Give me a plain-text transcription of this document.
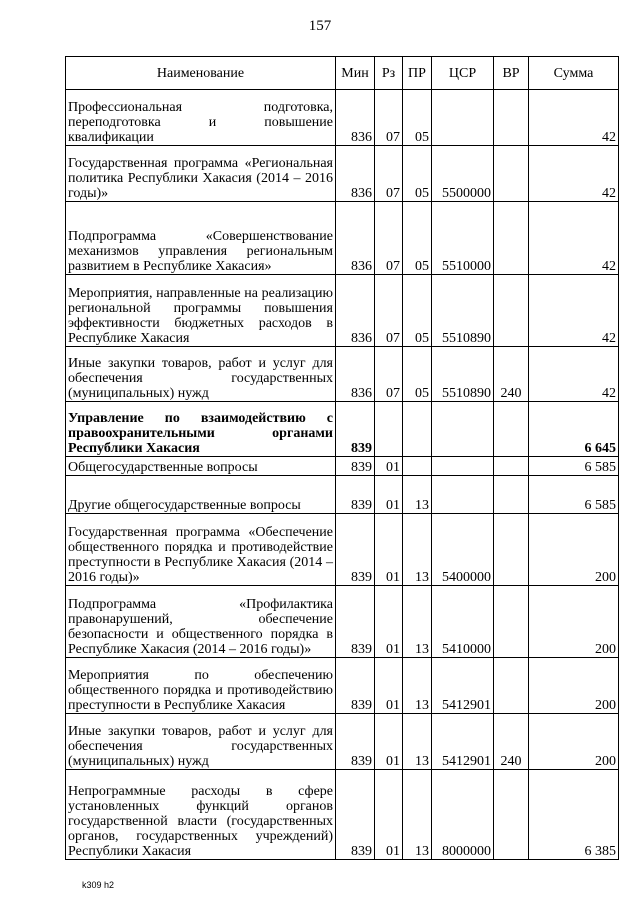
157
Наименование	Мин	Рз	ПР	ЦСР	ВР	Сумма
Профессиональная подготовка, переподготовка и повышение квалификации	836	07	05			42
Государственная программа «Региональная политика Республики Хакасия (2014 – 2016 годы)»	836	07	05	5500000		42
Подпрограмма «Совершенствование механизмов управления региональным развитием в Республике Хакасия»	836	07	05	5510000		42
Мероприятия, направленные на реализацию региональной программы повышения эффективности бюджетных расходов в Республике Хакасия	836	07	05	5510890		42
Иные закупки товаров, работ и услуг для обеспечения государственных (муниципальных) нужд	836	07	05	5510890	240	42
Управление по взаимодействию с правоохранительными органами Республики Хакасия	839					6 645
Общегосударственные вопросы	839	01				6 585
Другие общегосударственные вопросы	839	01	13			6 585
Государственная программа «Обеспечение общественного порядка и противодействие преступности в Республике Хакасия (2014 – 2016 годы)»	839	01	13	5400000		200
Подпрограмма «Профилактика правонарушений, обеспечение безопасности и общественного порядка в Республике Хакасия (2014 – 2016 годы)»	839	01	13	5410000		200
Мероприятия по обеспечению общественного порядка и противодействию преступности в Республике Хакасия	839	01	13	5412901		200
Иные закупки товаров, работ и услуг для обеспечения государственных (муниципальных) нужд	839	01	13	5412901	240	200
Непрограммные расходы в сфере установленных функций органов государственной власти (государственных органов, государственных учреждений) Республики Хакасия	839	01	13	8000000		6 385
k309 h2
